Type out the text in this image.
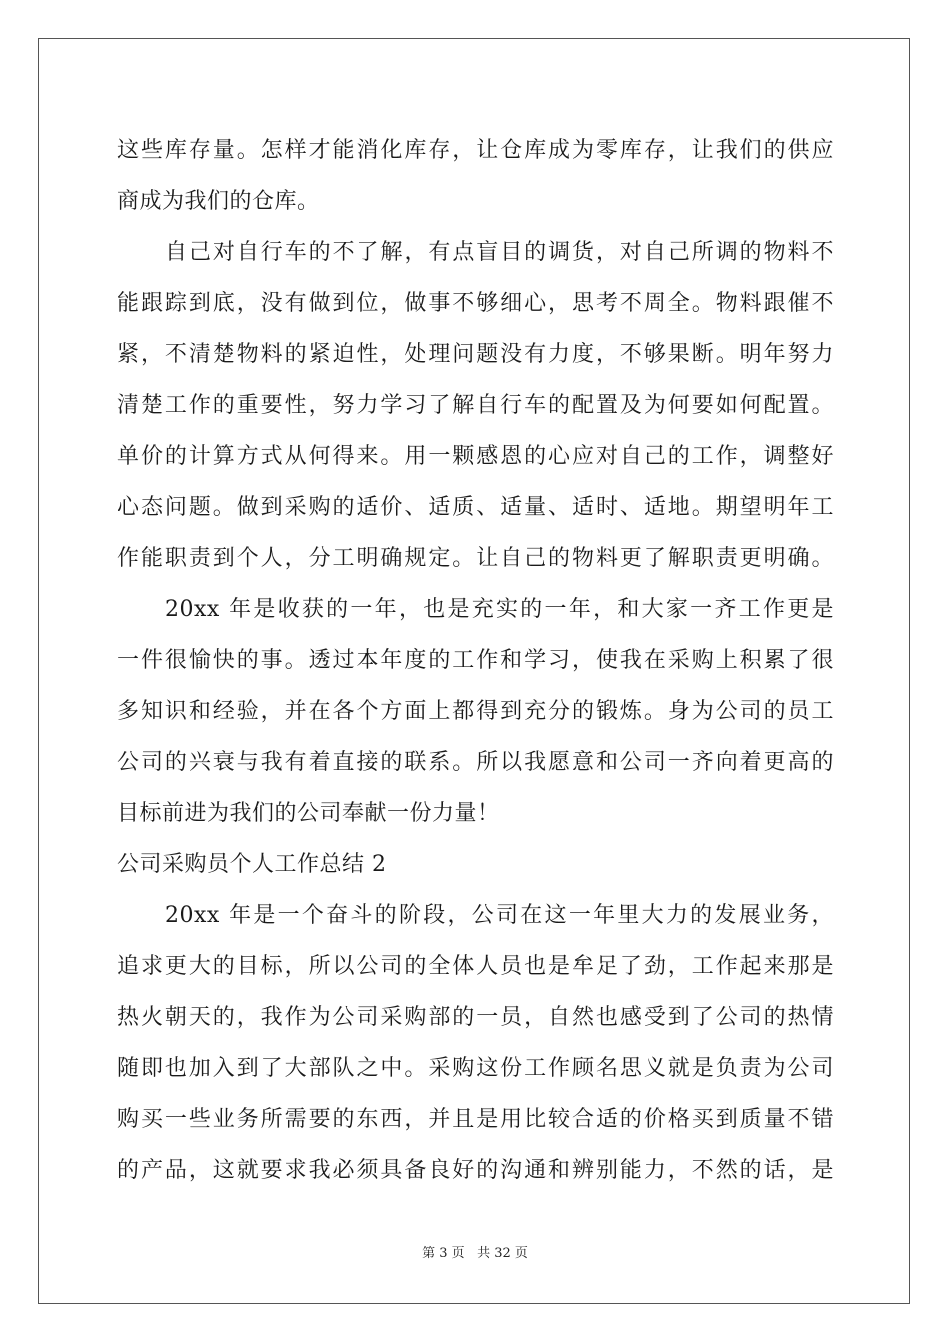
这些库存量。怎样才能消化库存，让仓库成为零库存，让我们的供应
商成为我们的仓库。
自己对自行车的不了解，有点盲目的调货，对自己所调的物料不
能跟踪到底，没有做到位，做事不够细心，思考不周全。物料跟催不
紧，不清楚物料的紧迫性，处理问题没有力度，不够果断。明年努力
清楚工作的重要性，努力学习了解自行车的配置及为何要如何配置。
单价的计算方式从何得来。用一颗感恩的心应对自己的工作，调整好
心态问题。做到采购的适价、适质、适量、适时、适地。期望明年工
作能职责到个人，分工明确规定。让自己的物料更了解职责更明确。
20xx 年是收获的一年，也是充实的一年，和大家一齐工作更是
一件很愉快的事。透过本年度的工作和学习，使我在采购上积累了很
多知识和经验，并在各个方面上都得到充分的锻炼。身为公司的员工
公司的兴衰与我有着直接的联系。所以我愿意和公司一齐向着更高的
目标前进为我们的公司奉献一份力量！
公司采购员个人工作总结 2
20xx 年是一个奋斗的阶段，公司在这一年里大力的发展业务，
追求更大的目标，所以公司的全体人员也是牟足了劲，工作起来那是
热火朝天的，我作为公司采购部的一员，自然也感受到了公司的热情
随即也加入到了大部队之中。采购这份工作顾名思义就是负责为公司
购买一些业务所需要的东西，并且是用比较合适的价格买到质量不错
的产品，这就要求我必须具备良好的沟通和辨别能力，不然的话，是
第 3 页 共 32 页
